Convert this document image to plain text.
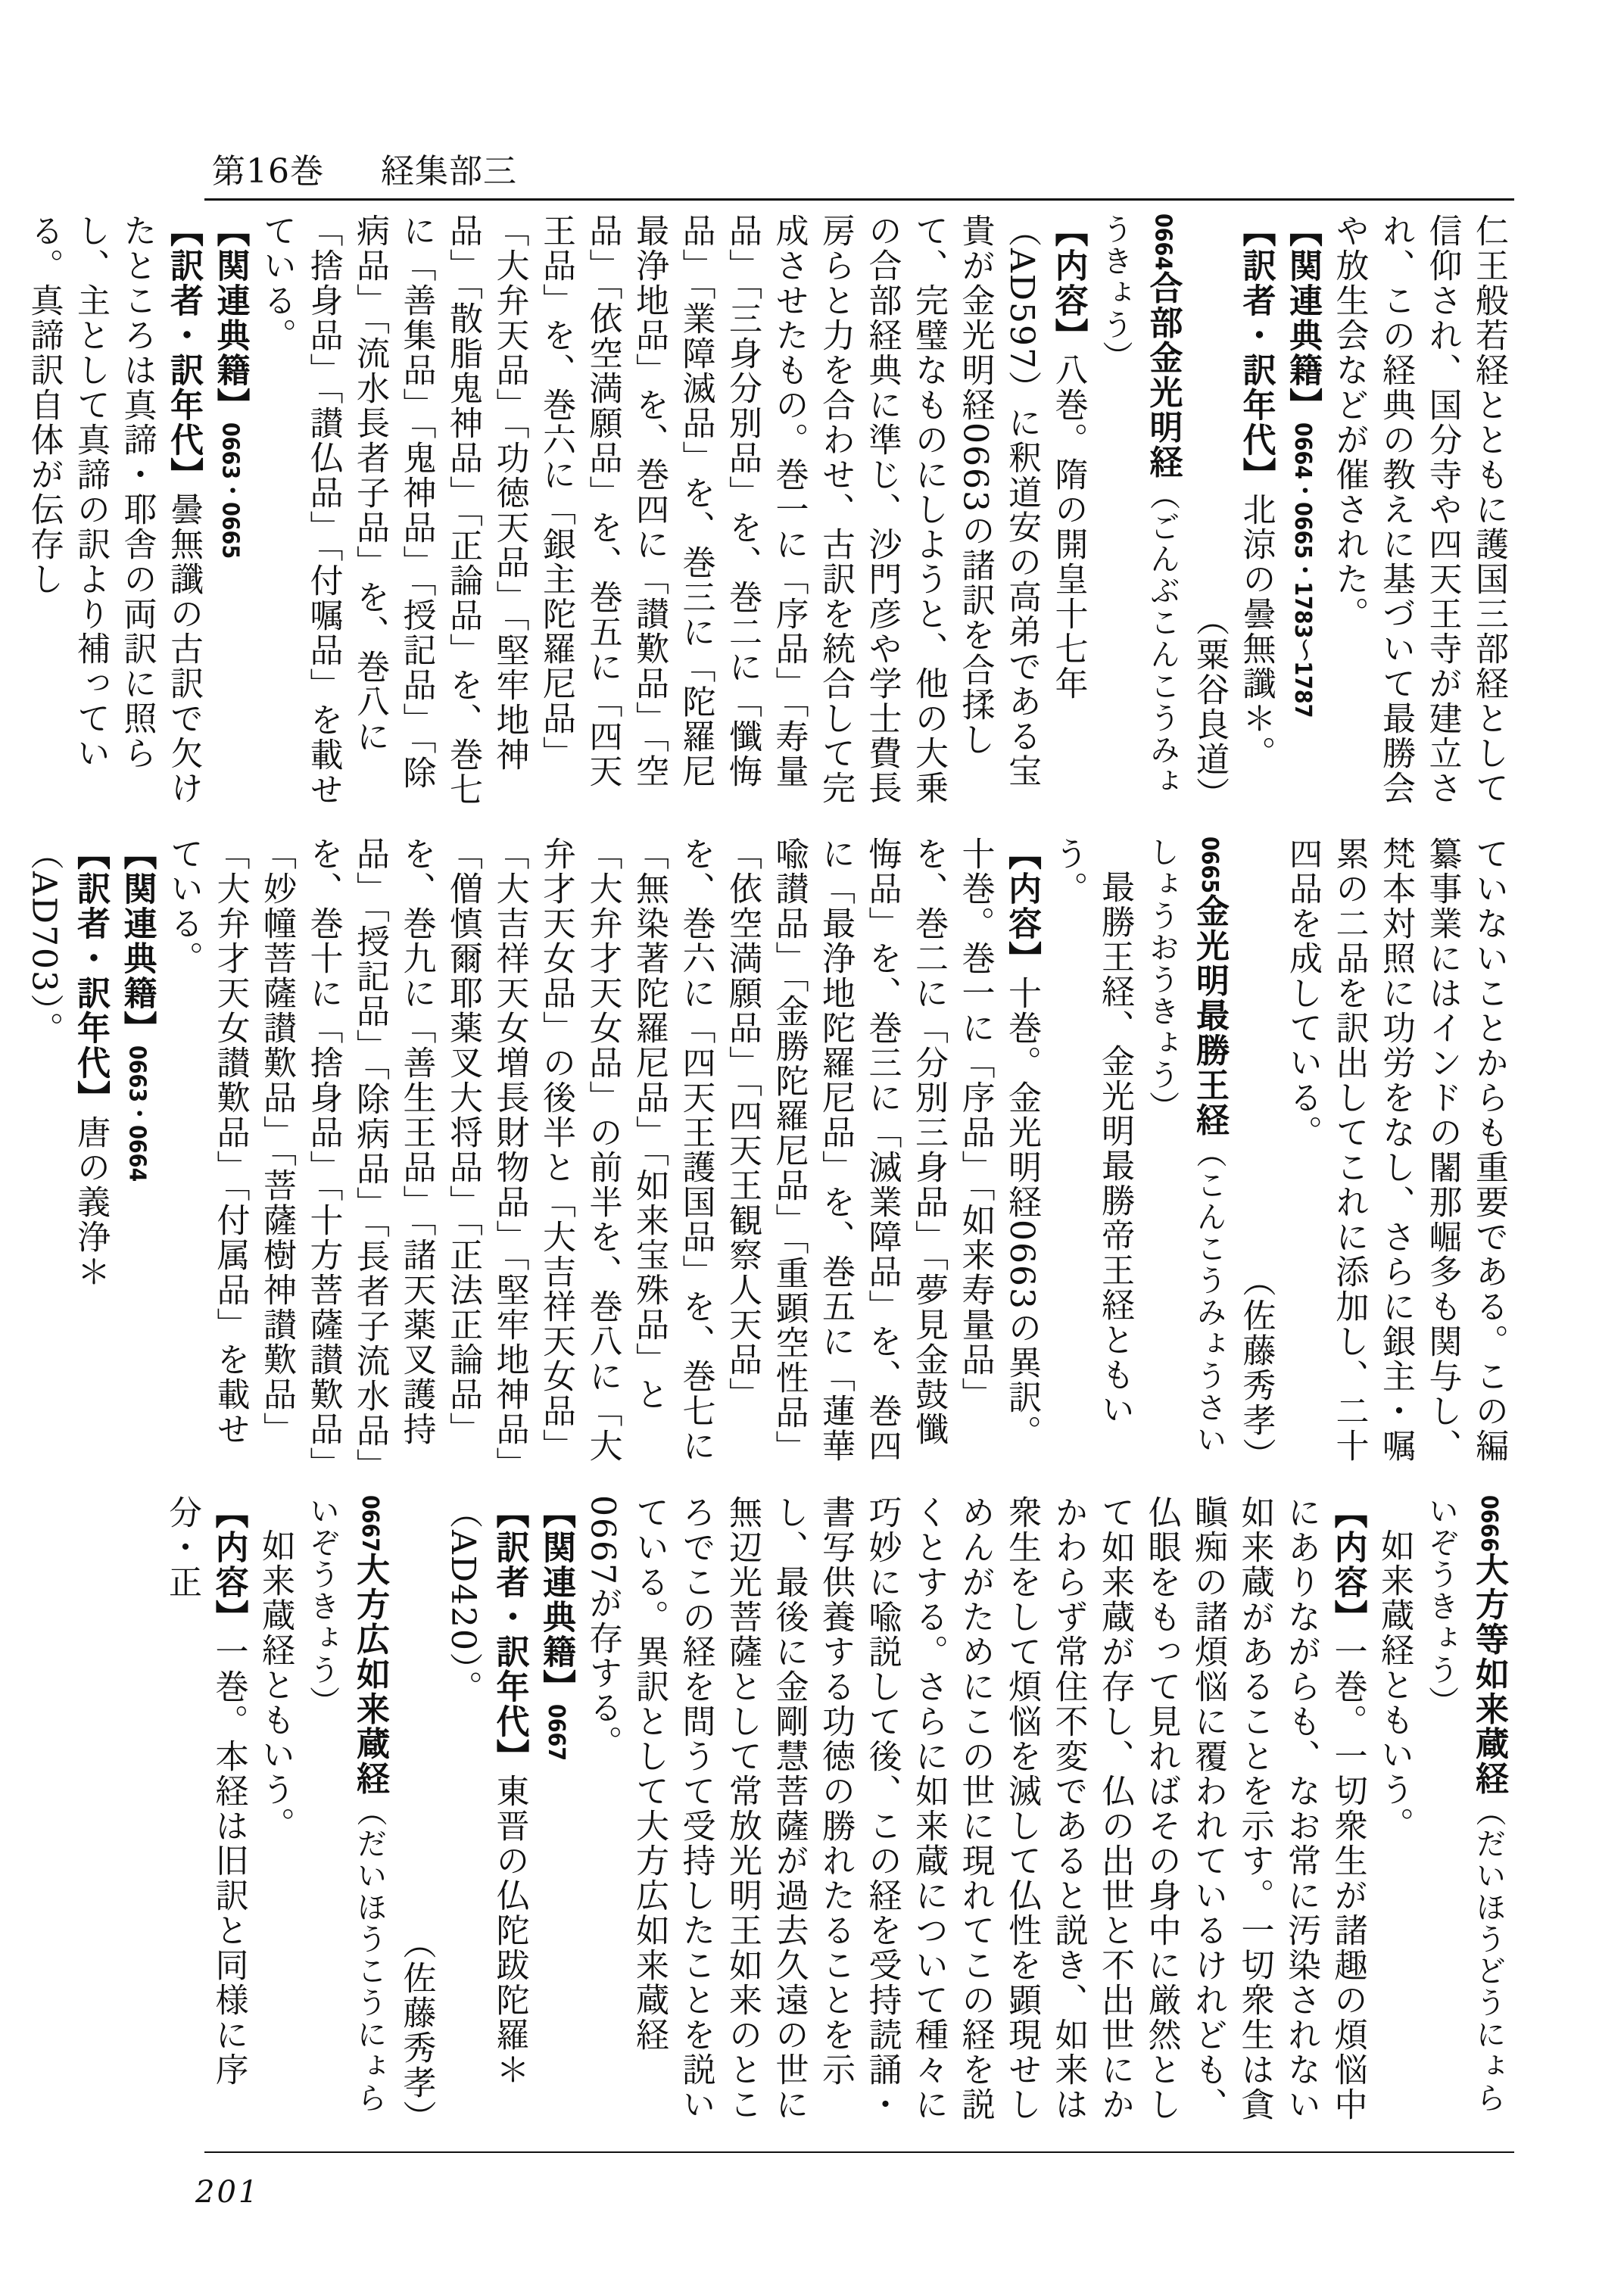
第16巻 　 経集部三

仁王般若経とともに護国三部経として信仰され、国分寺や四天王寺が建立され、この経典の教えに基づいて最勝会や放生会などが催された。

【関連典籍】0664・0665・1783〜1787

【訳者・訳年代】北涼の曇無讖＊。

（粟谷良道）

0664合部金光明経（ごんぶこんこうみょうきょう）

【内容】八巻。隋の開皇十七年（AD597）に釈道安の高弟である宝貴が金光明経0663の諸訳を合揉して、完璧なものにしようと、他の大乗の合部経典に準じ、沙門彦や学士費長房らと力を合わせ、古訳を統合して完成させたもの。巻一に「序品」「寿量品」「三身分別品」を、巻二に「懺悔品」「業障滅品」を、巻三に「陀羅尼最浄地品」を、巻四に「讃歎品」「空品」「依空満願品」を、巻五に「四天王品」を、巻六に「銀主陀羅尼品」「大弁天品」「功徳天品」「堅牢地神品」「散脂鬼神品」「正論品」を、巻七に「善集品」「鬼神品」「授記品」「除病品」「流水長者子品」を、巻八に「捨身品」「讃仏品」「付嘱品」を載せている。

【関連典籍】0663・0665

【訳者・訳年代】曇無讖の古訳で欠けたところは真諦・耶舎の両訳に照らし、主として真諦の訳より補っている。真諦訳自体が伝存し

ていないことからも重要である。この編纂事業にはインドの闍那崛多も関与し、梵本対照に功労をなし、さらに銀主・嘱累の二品を訳出してこれに添加し、二十四品を成している。

（佐藤秀孝）

0665金光明最勝王経（こんこうみょうさいしょうおうきょう）

最勝王経、金光明最勝帝王経ともいう。

【内容】十巻。金光明経0663の異訳。十巻。巻一に「序品」「如来寿量品」を、巻二に「分別三身品」「夢見金鼓懺悔品」を、巻三に「滅業障品」を、巻四に「最浄地陀羅尼品」を、巻五に「蓮華喩讃品」「金勝陀羅尼品」「重顕空性品」「依空満願品」「四天王観察人天品」を、巻六に「四天王護国品」を、巻七に「無染著陀羅尼品」「如来宝殊品」と「大弁才天女品」の前半を、巻八に「大弁才天女品」の後半と「大吉祥天女品」「大吉祥天女増長財物品」「堅牢地神品」「僧慎爾耶薬叉大将品」「正法正論品」を、巻九に「善生王品」「諸天薬叉護持品」「授記品」「除病品」「長者子流水品」を、巻十に「捨身品」「十方菩薩讃歎品」「妙幢菩薩讃歎品」「菩薩樹神讃歎品」「大弁才天女讃歎品」「付属品」を載せている。

【関連典籍】0663・0664

【訳者・訳年代】唐の義浄＊（AD703）。

0666大方等如来蔵経（だいほうどうにょらいぞうきょう）

如来蔵経ともいう。

【内容】一巻。一切衆生が諸趣の煩悩中にありながらも、なお常に汚染されない如来蔵があることを示す。一切衆生は貪瞋痴の諸煩悩に覆われているけれども、仏眼をもって見ればその身中に厳然として如来蔵が存し、仏の出世と不出世にかかわらず常住不変であると説き、如来は衆生をして煩悩を滅して仏性を顕現せしめんがためにこの世に現れてこの経を説くとする。さらに如来蔵について種々に巧妙に喩説して後、この経を受持読誦・書写供養する功徳の勝れたることを示し、最後に金剛慧菩薩が過去久遠の世に無辺光菩薩として常放光明王如来のところでこの経を問うて受持したことを説いている。異訳として大方広如来蔵経0667が存する。

【関連典籍】0667

【訳者・訳年代】東晋の仏陀跋陀羅＊（AD420）。

（佐藤秀孝）

0667大方広如来蔵経（だいほうこうにょらいぞうきょう）

如来蔵経ともいう。

【内容】一巻。本経は旧訳と同様に序分・正

201
